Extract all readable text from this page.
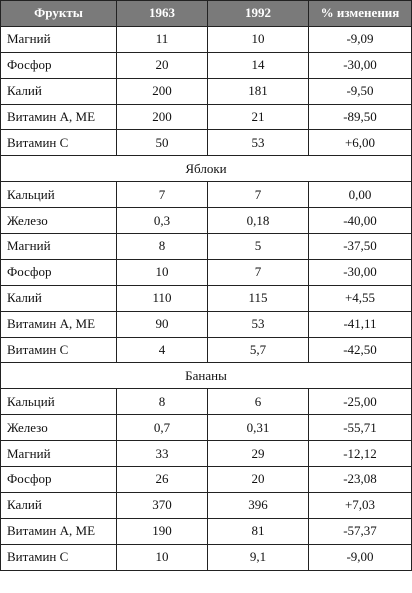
Фрукты	1963	1992	% изменения
Магний	11	10	-9,09
Фосфор	20	14	-30,00
Калий	200	181	-9,50
Витамин А, МЕ	200	21	-89,50
Витамин С	50	53	+6,00
Яблоки			
Кальций	7	7	0,00
Железо	0,3	0,18	-40,00
Магний	8	5	-37,50
Фосфор	10	7	-30,00
Калий	110	115	+4,55
Витамин А, МЕ	90	53	-41,11
Витамин С	4	5,7	-42,50
Бананы			
Кальций	8	6	-25,00
Железо	0,7	0,31	-55,71
Магний	33	29	-12,12
Фосфор	26	20	-23,08
Калий	370	396	+7,03
Витамин А, МЕ	190	81	-57,37
Витамин С	10	9,1	-9,00
